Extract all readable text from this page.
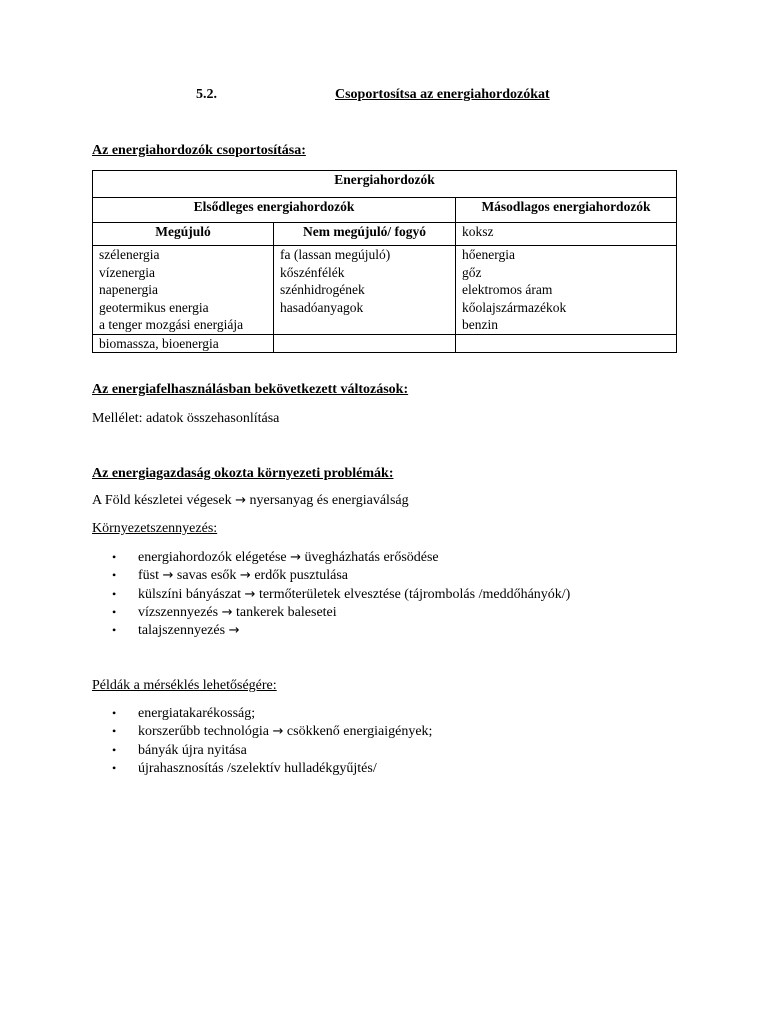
5.2.	Csoportosítsa az energiahordozókat
Az energiahordozók csoportosítása:
Energiahordozók		
Elsődleges energiahordozók		Másodlagos energiahordozók
Megújuló	Nem megújuló/ fogyó	koksz
szélenergia	fa (lassan megújuló)	hőenergia
vízenergia	kőszénfélék	gőz
napenergia	szénhidrogének	elektromos áram
geotermikus energia	hasadóanyagok	kőolajszármazékok
a tenger mozgási energiája		benzin
biomassza, bioenergia		
Az energiafelhasználásban bekövetkezett változások:
Mellélet: adatok összehasonlítása
Az energiagazdaság okozta környezeti problémák:
A Föld készletei végesek → nyersanyag és energiaválság
Környezetszennyezés:
• energiahordozók elégetése → üvegházhatás erősödése
• füst → savas esők → erdők pusztulása
• külszíni bányászat → termőterületek elvesztése (tájrombolás /meddőhányók/)
• vízszennyezés → tankerek balesetei
• talajszennyezés →
Példák a mérséklés lehetőségére:
• energiatakarékosság;
• korszerűbb technológia → csökkenő energiaigények;
• bányák újra nyitása
• újrahasznosítás /szelektív hulladékgyűjtés/
